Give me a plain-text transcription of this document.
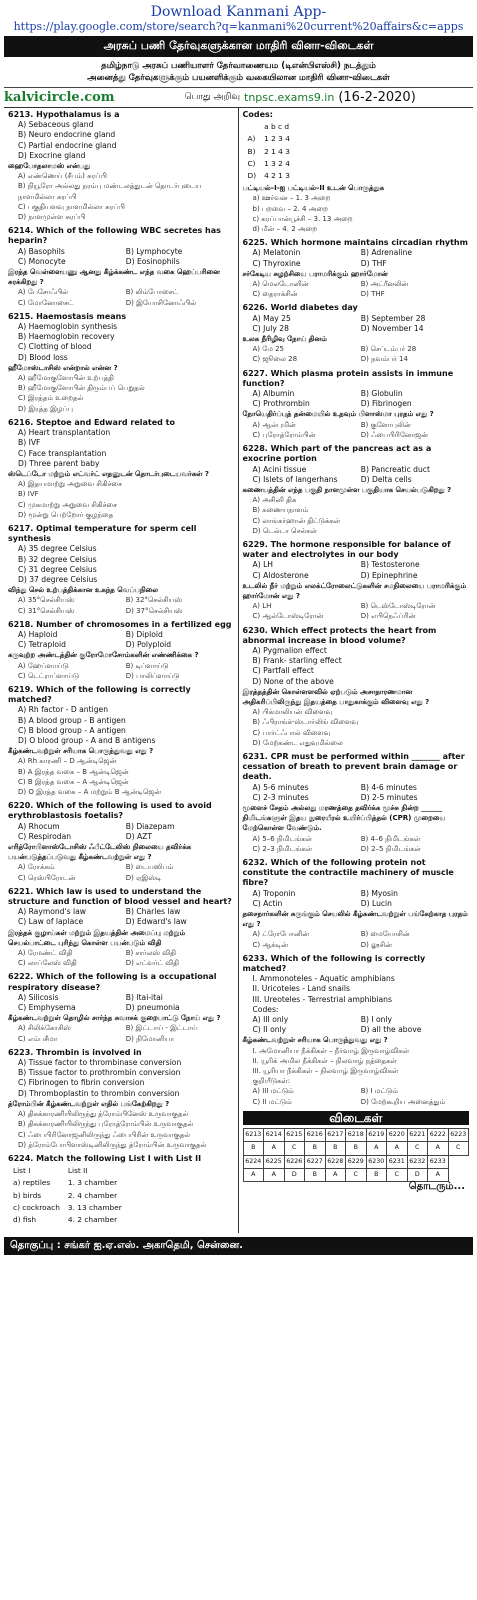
Download Kanmani App-
https://play.google.com/store/search?q=kanmani%20current%20affairs&c=apps
அரசுப் பணி தேர்வுகளுக்கான மாதிரி வினா-விடைகள்
தமிழ்நாடு அரசுப் பணியாளர் தேர்வாணையம (டிஎன்பிஎஸ்சி) நடத்தும்
அனைத்து தேர்வுகளுக்கும் பயனளிக்கும் வகையிலான மாதிரி வினா-விடைகள்
kalvicircle.com	பொது அறிவு tnpsc.exams9.in (16-2-2020)
6213. Hypothalamus is a
A) Sebaceous gland
B) Neuro endocrine gland
C) Partial endocrine gland
D) Exocrine gland
ஹைபோதலாமஸ் என்பது
A) எண்ணெய் (சீபம்) சுரப்பி
B) நியூரோ அல்லது நரம்பு மண்டலத்துடன் தொடர்புடைய நாளமில்லா சுரப்பி
C) பகுதியளவு நாளமில்லா சுரப்பி
D) நாளமுள்ள சுரப்பி
6214. Which of the following WBC secretes has heparin?
A) Basophils	B) Lymphocyte
C) Monocyte	D) Eosinophils
இரத்த வெள்ளையணு ஆனது கீழ்க்கண்ட எந்த வகை ஹெப்பரினை சுரக்கிறது ?
A) பேசோஃபில்	B) லிம்போசைட்
C) மோனோசைட்	D) இயோசினோஃபில்
6215. Haemostasis means
A) Haemoglobin synthesis
B) Haemoglobin recovery
C) Clotting of blood
D) Blood loss
ஹீமோஸ்டாசிஸ் என்றால் என்ன ?
A) ஹீமோகுளோபின் உற்பத்தி
B) ஹீமோகுளோபின் திரும்பப் பெறுதல்
C) இரத்தம் உறைதல்
D) இரத்த இழப்பு
6216. Steptoe and Edward related to
A) Heart transplantation
B) IVF
C) Face transplantation
D) Three parent baby
ஸ்டெப்டோ மற்றும் எட்வர்ட் எதனுடன் தொடர்புடையவர்கள் ?
A) இதயமாற்று அறுவை சிகிச்சை
B) IVF
C) முகமாற்று அறுவை சிகிச்சை
D) மூன்று பெற்றோர் குழந்தை
6217. Optimal temperature for sperm cell synthesis
A) 35 degree Celsius
B) 32 degree Celsius
C) 31 degree Celsius
D) 37 degree Celsius
விந்து செல் உற்பத்திக்கான உகந்த வெப்பநிலை
A) 35°செல்சியஸ்	B) 32°செல்சியஸ்
C) 31°செல்சியஸ்	D) 37°செல்சியஸ்
6218. Number of chromosomes in a fertilized egg
A) Haploid	B) Diploid
C) Tetraploid	D) Polyploid
கருவுற்ற அண்டத்தின் குரோமோசோம்களின் எண்ணிக்கை ?
A) ஹேப்ளாய்டு	B) டிப்ளாய்டு
C) டெட்ராப்ளாய்டு	D) பாலிப்ளாய்டு
6219. Which of the following is correctly matched?
A) Rh factor - D antigen
B) A blood group - B antigen
C) B blood group - A antigen
D) O blood group - A and B antigens
கீழ்கண்டவற்றுள் சரியாக பொருந்துவது எது ?
A) Rh காரணி – D ஆன்டிஜென்
B) A இரத்த வகை – B ஆன்டிஜென்
C) B இரத்த வகை – A ஆன்டிஜென்
D) O இரத்த வகை – A மற்றும் B ஆன்டிஜென்
6220. Which of the following is used to avoid erythroblastosis foetalis?
A) Rhocum	B) Diazepam
C) Respirodan	D) AZT
எரித்ரோபிளாஸ்டோசிஸ் ஃபீட்டேலிஸ் நிலையை தவிர்க்க பயன்படுத்தப்படுவது கீழ்கண்டவற்றுள் எது ?
A) ரோக்கம்	B) டையஸிபம்
C) ரெஸ்பிரோடன்	D) ஏஇஸ்டி
6221. Which law is used to understand the structure and function of blood vessel and heart?
A) Raymond's law	B) Charles law
C) Law of laplace	D) Edward's law
இரத்தக் குழாய்கள் மற்றும் இதயத்தின் அமைப்பு மற்றும் செயல்பாட்டை புரிந்து கொள்ள பயன்படும் விதி
A) ரேமண்ட் விதி	B) சார்லஸ் விதி
C) லாப்லேஸ் விதி	D) எட்வர்ட் விதி
6222. Which of the following is a occupational respiratory disease?
A) Silicosis	B) Itai-itai
C) Emphysema	D) pneumonia
கீழ்கண்டவற்றுள் தொழில் சார்ந்த சுவாசக் குறைபாட்டு நோய் எது ?
A) சிலிக்கோசிஸ்	B) இட்டாய் - இட்டாய்
C) எம்பசீமா	D) நிமோனியா
6223. Thrombin is involved in
A) Tissue factor to thrombinase conversion
B) Tissue factor to prothrombin conversion
C) Fibrinogen to fibrin conversion
D) Thromboplastin to thrombin conversion
த்ரோம்பின் கீழ்கண்டவற்றுள் எதில் பங்கேற்கிறது ?
A) திசுக்காரணியிலிருந்து த்ரோம்பினேஸ் உருவாகுதல்
B) திசுக்காரணியிலிருந்து புரோத்ரோம்பின் உருவாகுதல்
C) ஃபைபிரினோஜனிலிருந்து ஃபைபிரின் உருவாகுதல்
D) த்ரோம்போபிளாஸ்டினிலிருந்து த்ரோம்பின் உருவாகுதல்
6224. Match the following List I with List II
List I	List II
a) reptiles	1. 3 chamber
b) birds	2. 4 chamber
c) cockroach	3. 13 chamber
d) fish	4. 2 chamber
Codes:
	a b c d
A)	1 2 3 4
B)	2 1 4 3
C)	1 3 2 4
D)	4 2 1 3
பட்டியல்–I-ஐ பட்டியல்–II உடன் பொருத்துக
a) ஊர்வன – 1. 3 அறை
b) பறவை – 2. 4 அறை
c) கரப்பான்பூச்சி – 3. 13 அறை
d) மீன் – 4. 2 அறை
6225. Which hormone maintains circadian rhythm
A) Melatonin	B) Adrenaline
C) Thyroxine	D) THF
சர்கேடிய சுழற்சியை பராமரிக்கும் ஹார்மோன்
A) மெலடோனின்	B) அட்ரீனலின்
C) தைராக்சின்	D) THF
6226. World diabetes day
A) May 25	B) September 28
C) July 28	D) November 14
உலக நீரிழிவு நோய் தினம்
A) மே 25	B) செப்டம்பர் 28
C) ஜூலை 28	D) நவம்பர் 14
6227. Which plasma protein assists in immune function?
A) Albumin	B) Globulin
C) Prothrombin	D) Fibrinogen
நோயெதிர்ப்புத் தன்மையில் உதவும் பிளாஸ்மா புரதம் எது ?
A) ஆல்புமின்	B) குளோபுலின்
C) புரோத்ரோம்பின்	D) ஃபைபிரினோஜன்
6228. Which part of the pancreas act as a exocrine portion
A) Acini tissue	B) Pancreatic duct
C) Islets of langerhans	D) Delta cells
கணையத்தின் எந்த பகுதி நாளமுள்ள பகுதியாக செயல்படுகிறது ?
A) அசினி திசு
B) கணையநாளம்
C) லாங்கர்ஹான் திட்டுக்கள்
D) டெல்டா செல்கள்
6229. The hormone responsible for balance of water and electrolytes in our body
A) LH	B) Testosterone
C) Aldosterone	D) Epinephrine
உடலில் நீர் மற்றும் எலக்ட்ரோலைட்டுகளின் சமநிலையை பராமரிக்கும் ஹார்மோன் எது ?
A) LH	B) டெஸ்டோஸ்டிரோன்
C) ஆல்டோஸ்டிரோன்	D) எபிநெஃப்ரின்
6230. Which effect protects the heart from abnormal increase in blood volume?
A) Pygmalion effect
B) Frank- starling effect
C) Partfall effect
D) None of the above
இரத்தத்தின் கொள்ளளவில் ஏற்படும் அசாதாரணமான அதிகரிப்பிலிருந்து இதயத்தை பாதுகாக்கும் விளைவு எது ?
A) பிக்மாலியன் விளைவு
B) ஃபிராங்க்-ஸ்டார்லிங் விளைவு
C) பார்ட்ஃபால் விளைவு
D) மேற்கண்ட எதுவுமில்லை
6231. CPR must be performed within _______ after cessation of breath to prevent brain damage or death.
A) 5-6 minutes	B) 4-6 minutes
C) 2-3 minutes	D) 2-5 minutes
மூளைச் சேதம் அல்லது மரணத்தை தவிர்க்க மூச்சு நின்ற ______ நிமிடங்களுள் இதய நுரையீரல் உயிர்ப்பித்தல் (CPR) முறையை மேற்கொள்ள வேண்டும்.
A) 5–6 நிமிடங்கள்	B) 4–6 நிமிடங்கள்
C) 2–3 நிமிடங்கள்	D) 2–5 நிமிடங்கள்
6232. Which of the following protein not constitute the contractile machinery of muscle fibre?
A) Troponin	B) Myosin
C) Actin	D) Lucin
தசைநார்களின் சுருங்கும் செயலில் கீழ்கண்டவற்றுள் பங்கேற்காத புரதம் எது ?
A) ட்ரோபோனின்	B) மையோசின்
C) ஆக்டின்	D) லூசின்
6233. Which of the following is correctly matched?
I. Ammonoteles - Aquatic amphibians
II. Uricoteles - Land snails
III. Ureoteles - Terrestrial amphibians
Codes:
A) III only	B) I only
C) II only	D) all the above
கீழ்கண்டவற்றுள் சரியாக பொருந்துவது எது ?
I. அமோனியா நீக்கிகள் – நீர்வாழ் இருவாழ்விகள்
II. யூரிக் அமில நீக்கிகள் – நிலவாழ் நத்தைகள்
III. யூரியா நீக்கிகள் – நிலவாழ் இருவாழ்விகள்
குறியீடுகள்:
A) III மட்டும்	B) I மட்டும்
C) II மட்டும்	D) மேற்கூறிய அனைத்தும்
விடைகள்
6213	6214	6215	6216	6217	6218	6219	6220	6221	6222	6223
B	A	C	B	B	B	A	A	C	A	C
6224	6225	6226	6227	6228	6229	6230	6231	6232	6233	
A	A	D	B	A	C	B	C	D	A	
தொடரும்...
தொகுப்பு : சங்கர் ஐ.ஏ.எஸ். அகாதெமி, சென்னை.
